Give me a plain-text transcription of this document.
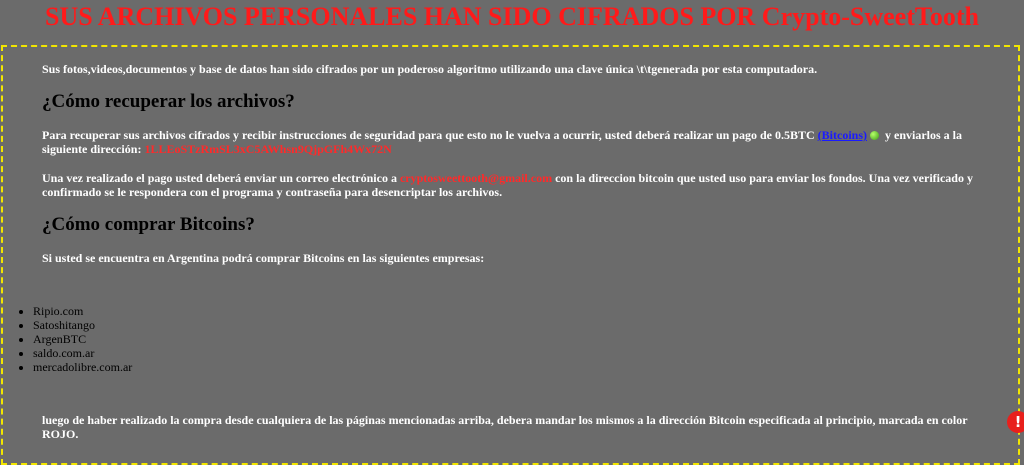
SUS ARCHIVOS PERSONALES HAN SIDO CIFRADOS POR Crypto-SweetTooth

Sus fotos,videos,documentos y base de datos han sido cifrados por un poderoso algoritmo utilizando una clave única \t\tgenerada por esta computadora.

¿Cómo recuperar los archivos?

Para recuperar sus archivos cifrados y recibir instrucciones de seguridad para que esto no le vuelva a ocurrir, usted deberá realizar un pago de 0.5BTC (Bitcoins) y enviarlos a la siguiente dirección: 1LLEoSTzRmSL3xC5AWhsn9QjpGFh4Wx72N

Una vez realizado el pago usted deberá enviar un correo electrónico a cryptosweettooth@gmail.com con la direccion bitcoin que usted uso para enviar los fondos. Una vez verificado y confirmado se le respondera con el programa y contraseña para desencriptar los archivos.

¿Cómo comprar Bitcoins?

Si usted se encuentra en Argentina podrá comprar Bitcoins en las siguientes empresas:

• Ripio.com
• Satoshitango
• ArgenBTC
• saldo.com.ar
• mercadolibre.com.ar

luego de haber realizado la compra desde cualquiera de las páginas mencionadas arriba, debera mandar los mismos a la dirección Bitcoin especificada al principio, marcada en color ROJO.

!
